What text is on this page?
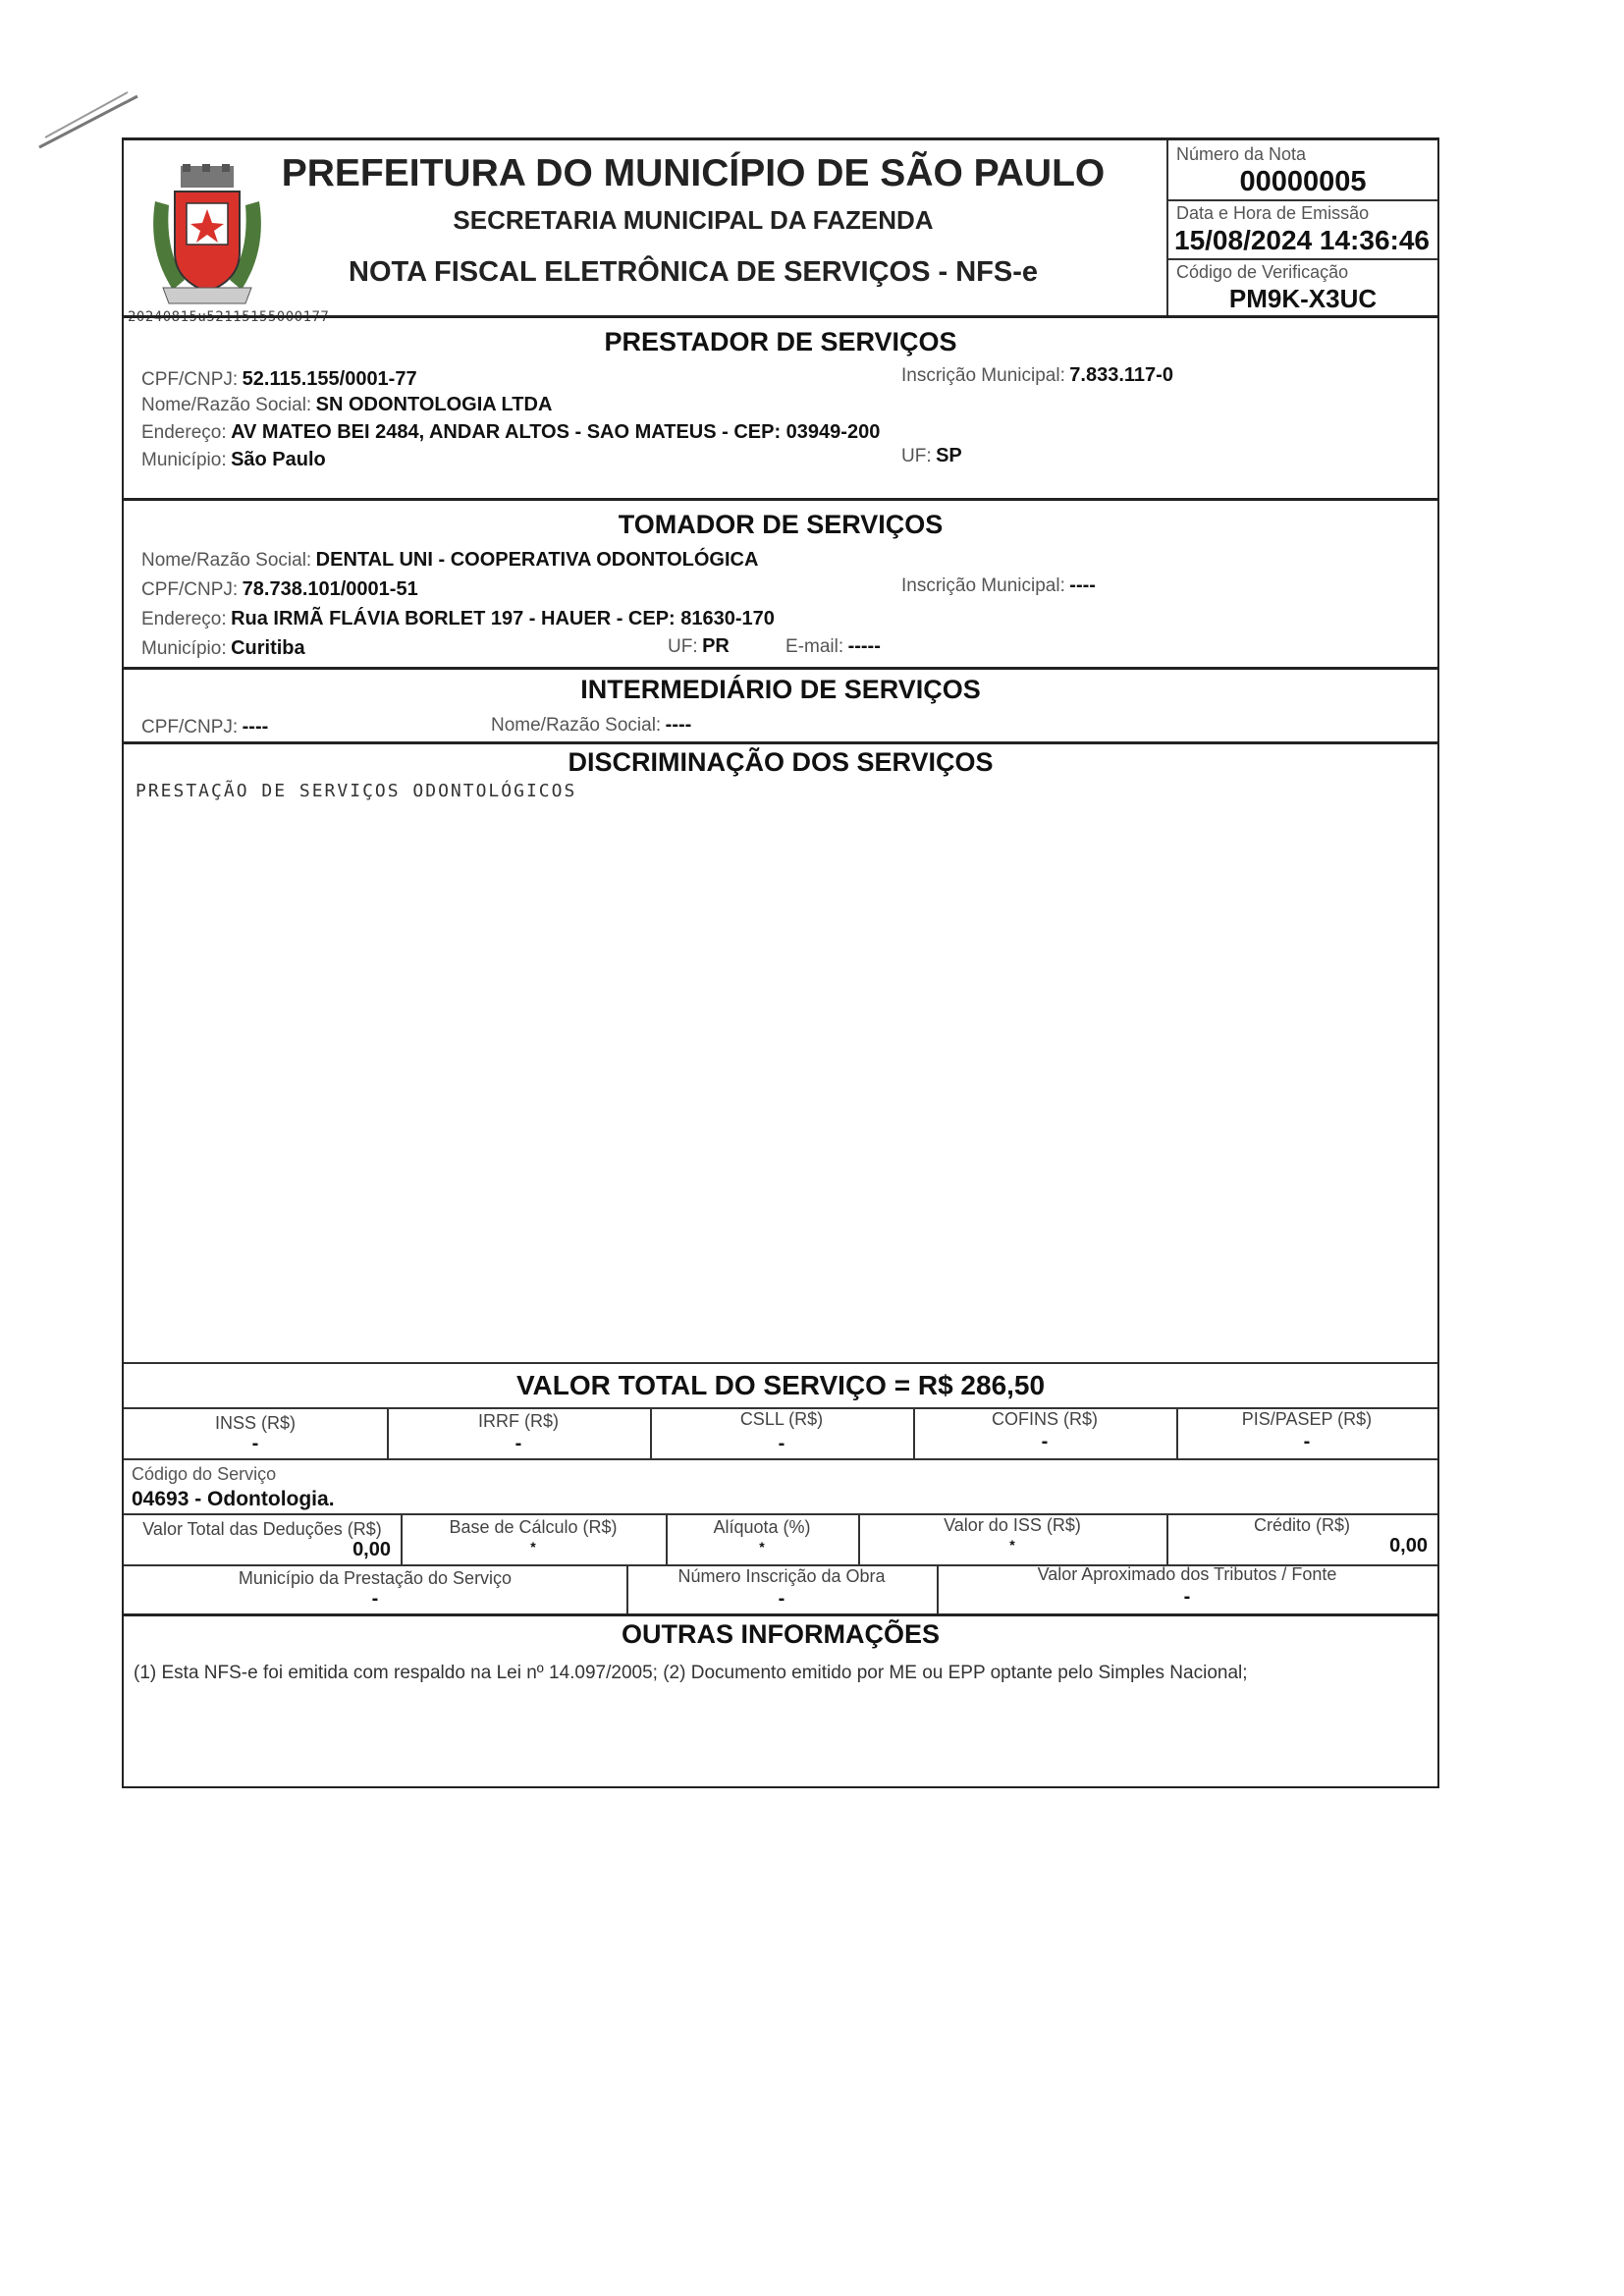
20240815u52115155000177
PREFEITURA DO MUNICÍPIO DE SÃO PAULO
SECRETARIA MUNICIPAL DA FAZENDA
NOTA FISCAL ELETRÔNICA DE SERVIÇOS - NFS-e
Número da Nota
00000005
Data e Hora de Emissão
15/08/2024 14:36:46
Código de Verificação
PM9K-X3UC
PRESTADOR DE SERVIÇOS
CPF/CNPJ: 52.115.155/0001-77	Inscrição Municipal: 7.833.117-0
Nome/Razão Social: SN ODONTOLOGIA LTDA
Endereço: AV MATEO BEI 2484, ANDAR ALTOS - SAO MATEUS - CEP: 03949-200
Município: São Paulo	UF: SP
TOMADOR DE SERVIÇOS
Nome/Razão Social: DENTAL UNI - COOPERATIVA ODONTOLÓGICA
CPF/CNPJ: 78.738.101/0001-51	Inscrição Municipal: ----
Endereço: Rua IRMÃ FLÁVIA BORLET 197 - HAUER - CEP: 81630-170
Município: Curitiba	UF: PR	E-mail: -----
INTERMEDIÁRIO DE SERVIÇOS
CPF/CNPJ: ----	Nome/Razão Social: ----
DISCRIMINAÇÃO DOS SERVIÇOS
PRESTAÇÃO DE SERVIÇOS ODONTOLÓGICOS
VALOR TOTAL DO SERVIÇO = R$ 286,50
INSS (R$)	IRRF (R$)	CSLL (R$)	COFINS (R$)	PIS/PASEP (R$)
-	-	-	-	-
Código do Serviço
04693 - Odontologia.
Valor Total das Deduções (R$)	Base de Cálculo (R$)	Alíquota (%)	Valor do ISS (R$)	Crédito (R$)
0,00	*	*	*	0,00
Município da Prestação do Serviço	Número Inscrição da Obra	Valor Aproximado dos Tributos / Fonte
-	-	-
OUTRAS INFORMAÇÕES
(1) Esta NFS-e foi emitida com respaldo na Lei nº 14.097/2005; (2) Documento emitido por ME ou EPP optante pelo Simples Nacional;
